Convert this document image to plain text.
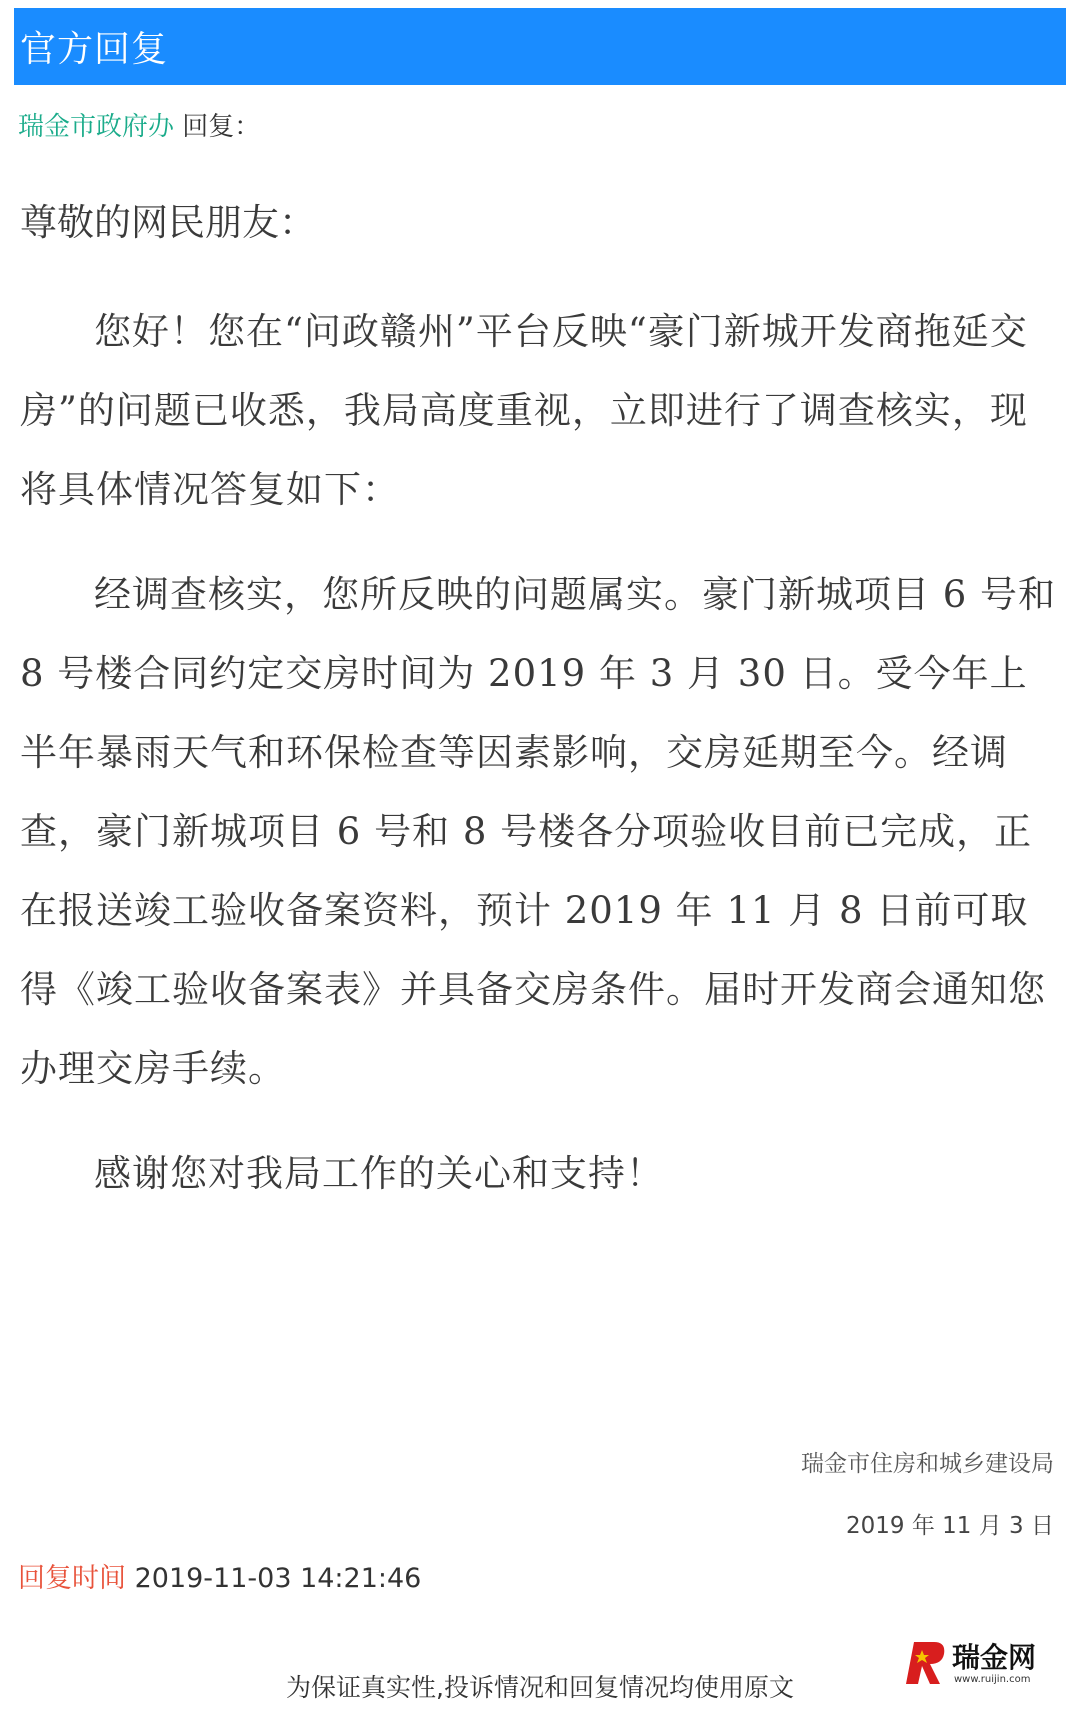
官方回复
瑞金市政府办 回复：
尊敬的网民朋友：
您好！您在“问政赣州”平台反映“豪门新城开发商拖延交房”的问题已收悉，我局高度重视，立即进行了调查核实，现将具体情况答复如下：
经调查核实，您所反映的问题属实。豪门新城项目 6 号和 8 号楼合同约定交房时间为 2019 年 3 月 30 日。受今年上半年暴雨天气和环保检查等因素影响，交房延期至今。经调查，豪门新城项目 6 号和 8 号楼各分项验收目前已完成，正在报送竣工验收备案资料，预计 2019 年 11 月 8 日前可取得《竣工验收备案表》并具备交房条件。届时开发商会通知您办理交房手续。
感谢您对我局工作的关心和支持！
瑞金市住房和城乡建设局
2019 年 11 月 3 日
回复时间 2019-11-03 14:21:46
为保证真实性,投诉情况和回复情况均使用原文
瑞金网
www.ruijin.com
